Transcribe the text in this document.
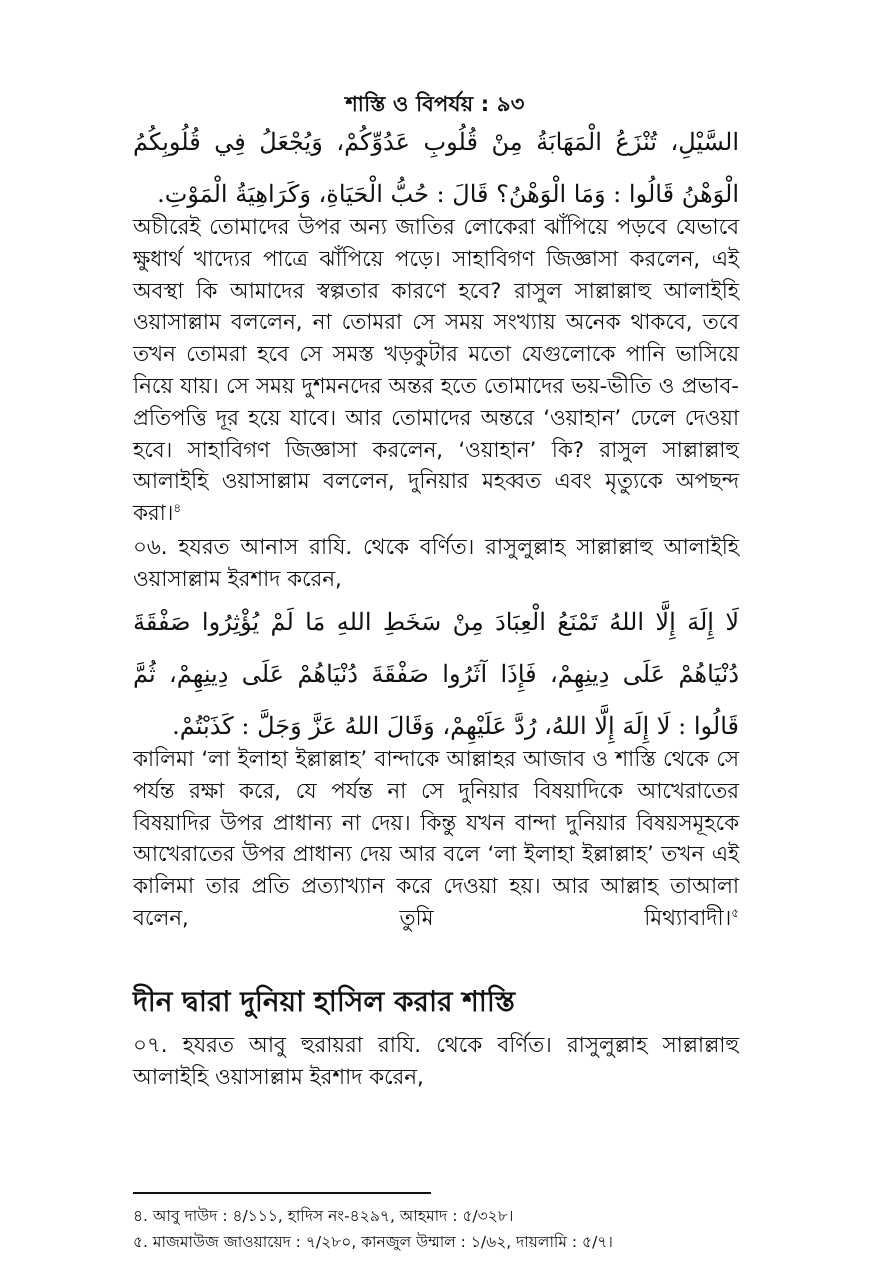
শাস্তি ও বিপর্যয় : ৯৩
السَّيْلِ، تُنْزَعُ الْمَهَابَةُ مِنْ قُلُوبِ عَدُوِّكُمْ، وَيُجْعَلُ فِي قُلُوبِكُمُ الْوَهْنُ قَالُوا : وَمَا الْوَهْنُ؟ قَالَ : حُبُّ الْحَيَاةِ، وَكَرَاهِيَةُ الْمَوْتِ.
অচীরেই তোমাদের উপর অন্য জাতির লোকেরা ঝাঁপিয়ে পড়বে যেভাবে ক্ষুধার্থ খাদ্যের পাত্রে ঝাঁপিয়ে পড়ে। সাহাবিগণ জিজ্ঞাসা করলেন, এই অবস্থা কি আমাদের স্বল্পতার কারণে হবে? রাসুল সাল্লাল্লাহু আলাইহি ওয়াসাল্লাম বললেন, না তোমরা সে সময় সংখ্যায় অনেক থাকবে, তবে তখন তোমরা হবে সে সমস্ত খড়কুটার মতো যেগুলোকে পানি ভাসিয়ে নিয়ে যায়। সে সময় দুশমনদের অন্তর হতে তোমাদের ভয়-ভীতি ও প্রভাব-প্রতিপত্তি দূর হয়ে যাবে। আর তোমাদের অন্তরে ‘ওয়াহান’ ঢেলে দেওয়া হবে। সাহাবিগণ জিজ্ঞাসা করলেন, ‘ওয়াহান’ কি? রাসুল সাল্লাল্লাহু আলাইহি ওয়াসাল্লাম বললেন, দুনিয়ার মহব্বত এবং মৃত্যুকে অপছন্দ করা।$^৪$
০৬. হযরত আনাস রাযি. থেকে বর্ণিত। রাসুলুল্লাহ সাল্লাল্লাহু আলাইহি ওয়াসাল্লাম ইরশাদ করেন,
لَا إِلَهَ إِلَّا اللهُ تَمْنَعُ الْعِبَادَ مِنْ سَخَطِ اللهِ مَا لَمْ يُؤْثِرُوا صَفْقَةَ دُنْيَاهُمْ عَلَى دِينِهِمْ، فَإِذَا آثَرُوا صَفْقَةَ دُنْيَاهُمْ عَلَى دِينِهِمْ، ثُمَّ قَالُوا : لَا إِلَهَ إِلَّا اللهُ، رُدَّ عَلَيْهِمْ، وَقَالَ اللهُ عَزَّ وَجَلَّ : كَذَبْتُمْ.
কালিমা ‘লা ইলাহা ইল্লাল্লাহ’ বান্দাকে আল্লাহর আজাব ও শাস্তি থেকে সে পর্যন্ত রক্ষা করে, যে পর্যন্ত না সে দুনিয়ার বিষয়াদিকে আখেরাতের বিষয়াদির উপর প্রাধান্য না দেয়। কিন্তু যখন বান্দা দুনিয়ার বিষয়সমূহকে আখেরাতের উপর প্রাধান্য দেয় আর বলে ‘লা ইলাহা ইল্লাল্লাহ’ তখন এই কালিমা তার প্রতি প্রত্যাখ্যান করে দেওয়া হয়। আর আল্লাহ তাআলা বলেন, তুমি মিথ্যাবাদী।$^৫$
দীন দ্বারা দুনিয়া হাসিল করার শাস্তি
০৭. হযরত আবু হুরায়রা রাযি. থেকে বর্ণিত। রাসুলুল্লাহ সাল্লাল্লাহু আলাইহি ওয়াসাল্লাম ইরশাদ করেন,
৪. আবু দাউদ : ৪/১১১, হাদিস নং-৪২৯৭, আহমাদ : ৫/৩২৮।
৫. মাজমাউজ জাওয়ায়েদ : ৭/২৮০, কানজুল উম্মাল : ১/৬২, দায়লামি : ৫/৭।
